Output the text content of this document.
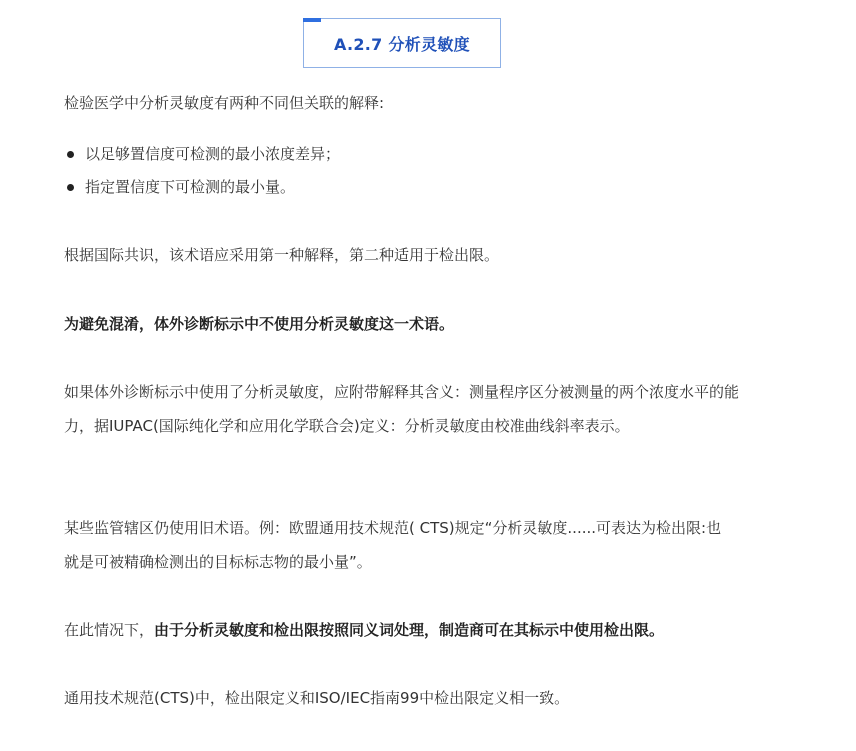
A.2.7 分析灵敏度

检验医学中分析灵敏度有两种不同但关联的解释:

以足够置信度可检测的最小浓度差异；
指定置信度下可检测的最小量。

根据国际共识，该术语应采用第一种解释，第二种适用于检出限。

为避免混淆，体外诊断标示中不使用分析灵敏度这一术语。

如果体外诊断标示中使用了分析灵敏度，应附带解释其含义：测量程序区分被测量的两个浓度水平的能力，据IUPAC(国际纯化学和应用化学联合会)定义：分析灵敏度由校准曲线斜率表示。

某些监管辖区仍使用旧术语。例：欧盟通用技术规范( CTS)规定“分析灵敏度......可表达为检出限:也就是可被精确检测出的目标标志物的最小量”。

在此情况下，由于分析灵敏度和检出限按照同义词处理，制造商可在其标示中使用检出限。

通用技术规范(CTS)中，检出限定义和ISO/IEC指南99中检出限定义相一致。
